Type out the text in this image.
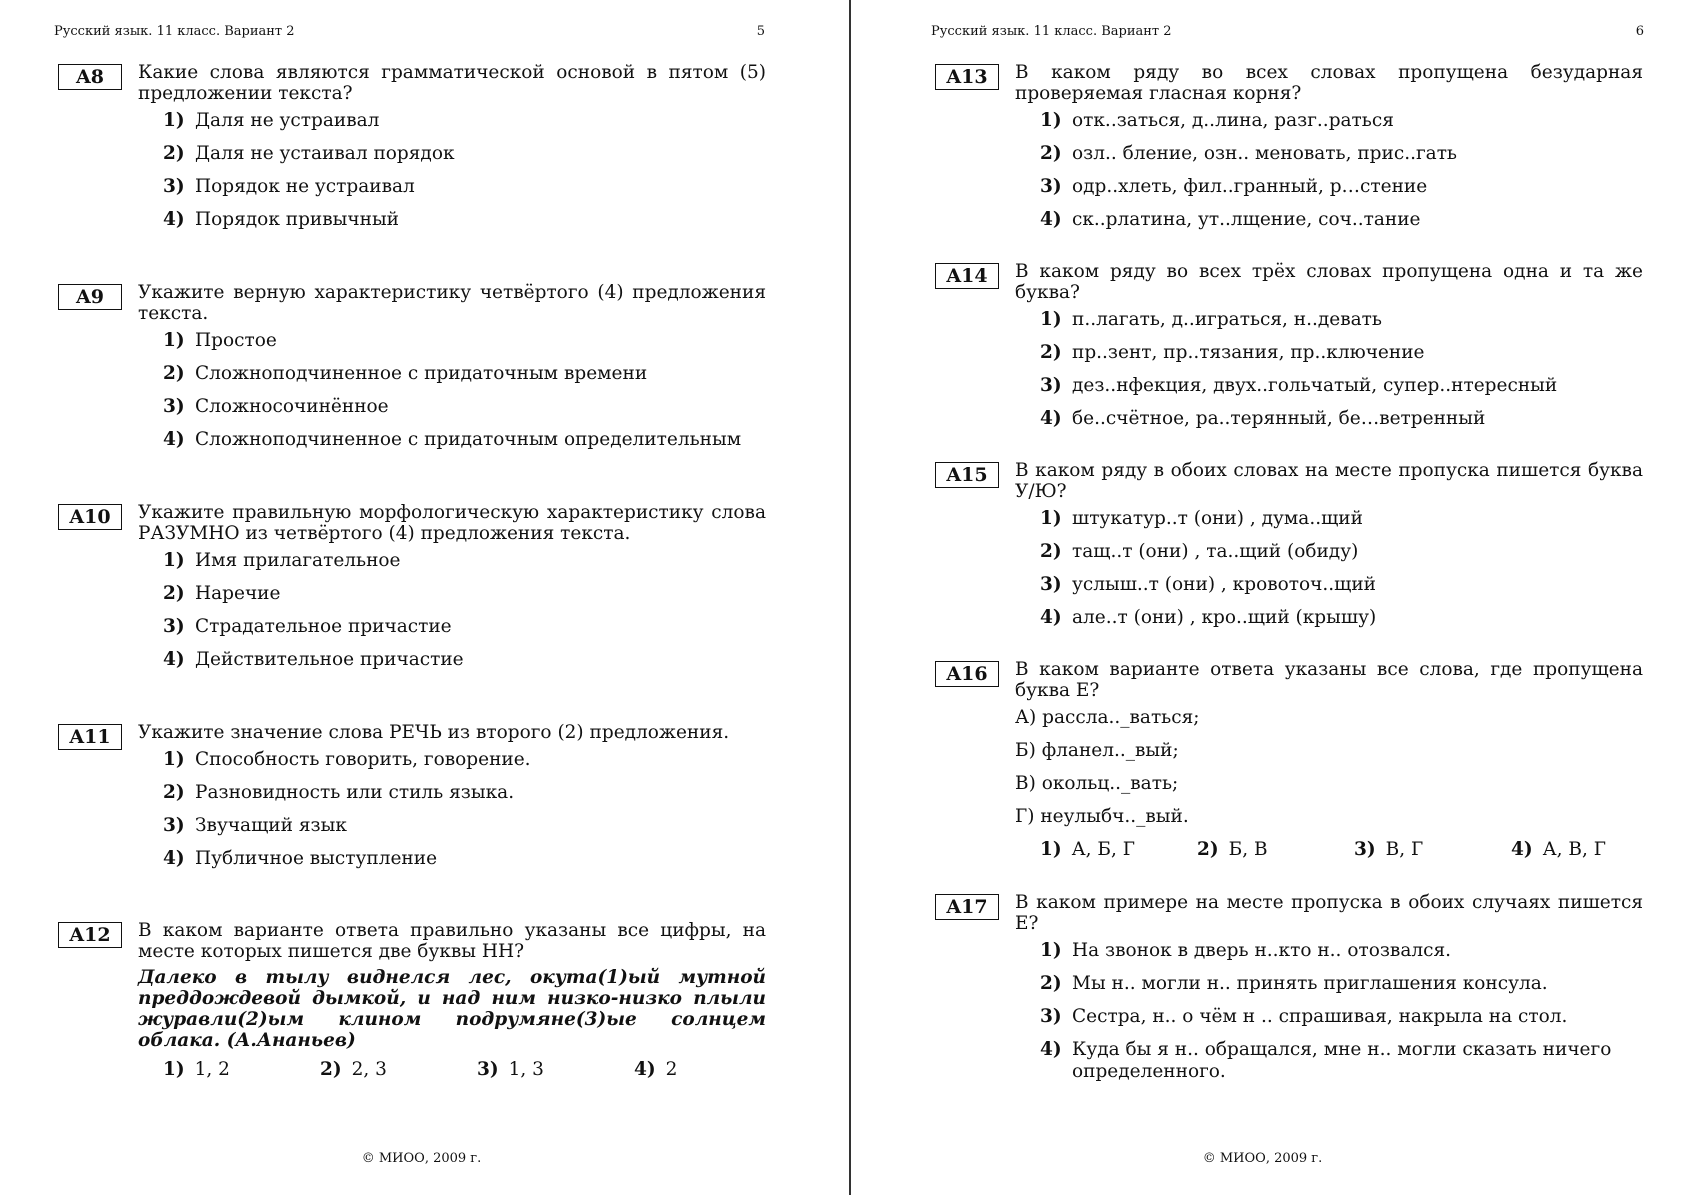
Русский язык. 11 класс. Вариант 2	5
A8	Какие слова являются грамматической основой в пятом (5) предложении текста?
1) Даля не устраивал
2) Даля не устаивал порядок
3) Порядок не устраивал
4) Порядок привычный
A9	Укажите верную характеристику четвёртого (4) предложения текста.
1) Простое
2) Сложноподчиненное с придаточным времени
3) Сложносочинённое
4) Сложноподчиненное с придаточным определительным
A10	Укажите правильную морфологическую характеристику слова РАЗУМНО из четвёртого (4) предложения текста.
1) Имя прилагательное
2) Наречие
3) Страдательное причастие
4) Действительное причастие
A11	Укажите значение слова РЕЧЬ из второго (2) предложения.
1) Способность говорить, говорение.
2) Разновидность или стиль языка.
3) Звучащий язык
4) Публичное выступление
A12	В каком варианте ответа правильно указаны все цифры, на месте которых пишется две буквы НН?
Далеко в тылу виднелся лес, окута(1)ый мутной преддождевой дымкой, и над ним низко-низко плыли журавли(2)ым клином подрумяне(3)ые солнцем облака. (А.Ананьев)
1) 1, 2	2) 2, 3	3) 1, 3	4) 2
© МИОО, 2009 г.
Русский язык. 11 класс. Вариант 2	6
A13	В каком ряду во всех словах пропущена безударная проверяемая гласная корня?
1) отк..заться, д..лина, разг..раться
2) озл.. бление, озн.. меновать, прис..гать
3) одр..хлеть, фил..гранный, р…стение
4) ск..рлатина, ут..лщение, соч..тание
A14	В каком ряду во всех трёх словах пропущена одна и та же буква?
1) п..лагать, д..играться, н..девать
2) пр..зент, пр..тязания, пр..ключение
3) дез..нфекция, двух..гольчатый, супер..нтересный
4) бе..счётное, ра..терянный, бе…ветренный
A15	В каком ряду в обоих словах на месте пропуска пишется буква У/Ю?
1) штукатур..т (они) , дума..щий
2) тащ..т (они) , та..щий (обиду)
3) услыш..т (они) , кровоточ..щий
4) але..т (они) , кро..щий (крышу)
A16	В каком варианте ответа указаны все слова, где пропущена буква Е?
А) рассла.._ваться;
Б) фланел.._вый;
В) окольц.._вать;
Г) неулыбч.._вый.
1) А, Б, Г	2) Б, В	3) В, Г	4) А, В, Г
A17	В каком примере на месте пропуска в обоих случаях пишется Е?
1) На звонок в дверь н..кто н.. отозвался.
2) Мы н.. могли н.. принять приглашения консула.
3) Сестра, н.. о чём н .. спрашивая, накрыла на стол.
4) Куда бы я н.. обращался, мне н.. могли сказать ничего определенного.
© МИОО, 2009 г.
